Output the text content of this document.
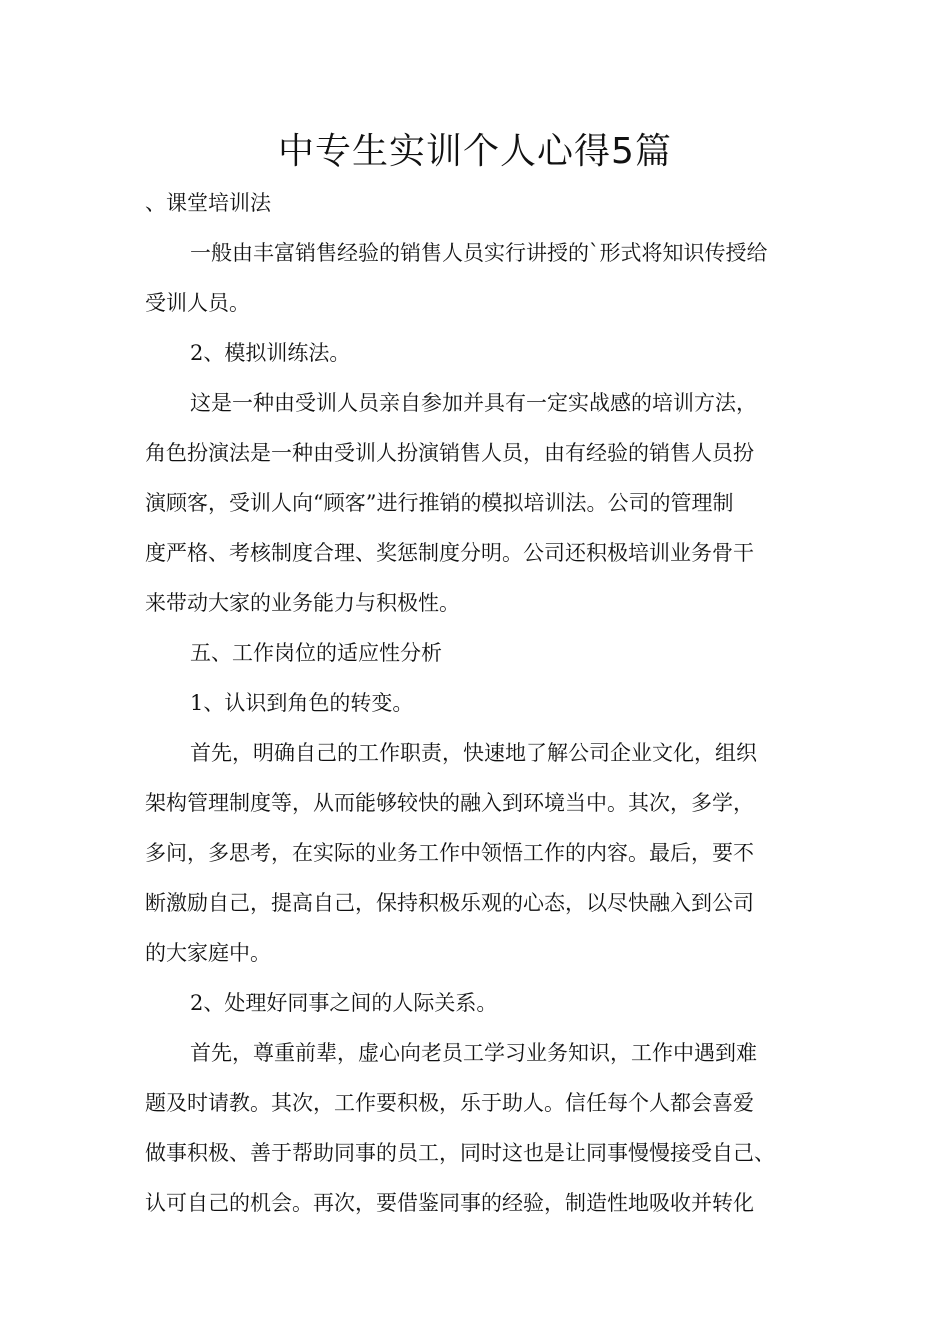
中专生实训个人心得5篇
、课堂培训法
一般由丰富销售经验的销售人员实行讲授的`形式将知识传授给
受训人员。
2、模拟训练法。
这是一种由受训人员亲自参加并具有一定实战感的培训方法，
角色扮演法是一种由受训人扮演销售人员，由有经验的销售人员扮
演顾客，受训人向“顾客”进行推销的模拟培训法。公司的管理制
度严格、考核制度合理、奖惩制度分明。公司还积极培训业务骨干
来带动大家的业务能力与积极性。
五、工作岗位的适应性分析
1、认识到角色的转变。
首先，明确自己的工作职责，快速地了解公司企业文化，组织
架构管理制度等，从而能够较快的融入到环境当中。其次，多学，
多问，多思考，在实际的业务工作中领悟工作的内容。最后，要不
断激励自己，提高自己，保持积极乐观的心态，以尽快融入到公司
的大家庭中。
2、处理好同事之间的人际关系。
首先，尊重前辈，虚心向老员工学习业务知识，工作中遇到难
题及时请教。其次，工作要积极，乐于助人。信任每个人都会喜爱
做事积极、善于帮助同事的员工，同时这也是让同事慢慢接受自己、
认可自己的机会。再次，要借鉴同事的经验，制造性地吸收并转化
